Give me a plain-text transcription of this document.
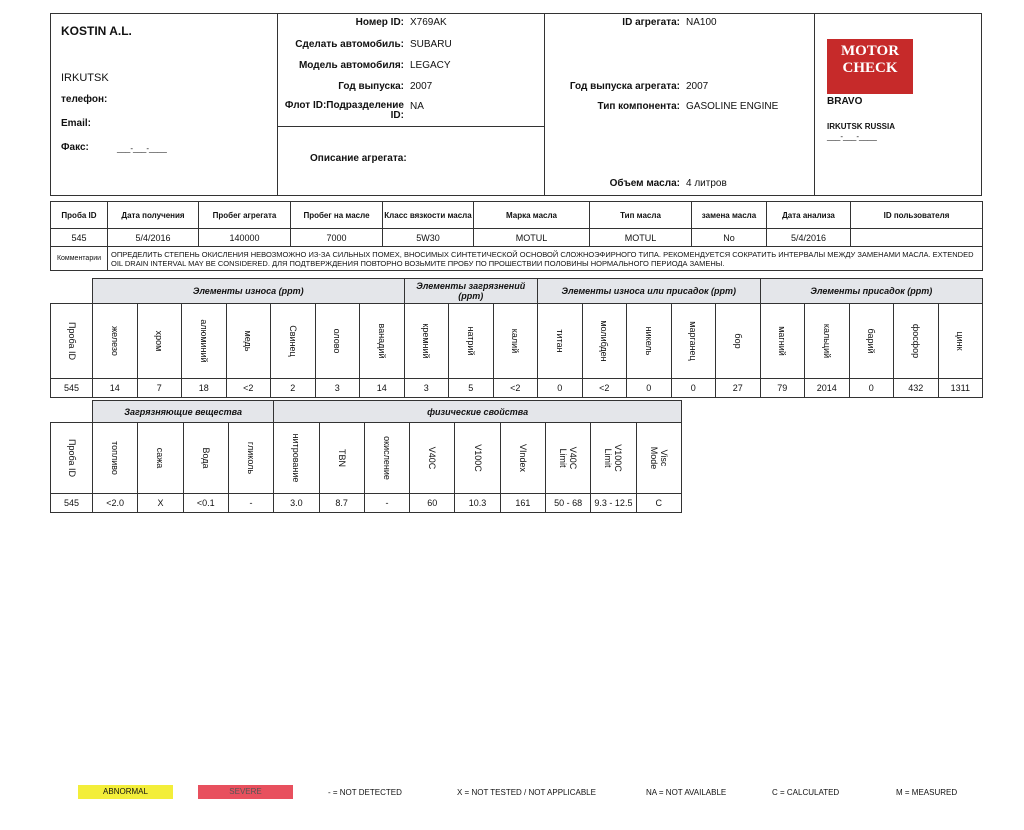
KOSTIN A.L.
IRKUTSK
телефон:
Email:
Факс:	___-___-____
Номер ID: X769AK
Сделать автомобиль: SUBARU
Модель автомобиля: LEGACY
Год выпуска: 2007
Флот ID:Подразделение ID:NA
Описание агрегата:
ID агрегата: NA100
Год выпуска агрегата: 2007
Тип компонента: GASOLINE ENGINE
Объем масла: 4 литров
MOTOR
CHECK
BRAVO
IRKUTSK RUSSIA
___-___-____
Проба ID	Дата получения	Пробег агрегата	Пробег на масле	Класс вязкости масла	Марка масла	Тип масла	замена масла	Дата анализа	ID пользователя
545	5/4/2016	140000	7000	5W30	MOTUL	MOTUL	No	5/4/2016	
Комментарии	ОПРЕДЕЛИТЬ СТЕПЕНЬ ОКИСЛЕНИЯ НЕВОЗМОЖНО ИЗ-ЗА СИЛЬНЫХ ПОМЕХ, ВНОСИМЫХ СИНТЕТИЧЕСКОЙ ОСНОВОЙ СЛОЖНОЭФИРНОГО ТИПА. РЕКОМЕНДУЕТСЯ СОКРАТИТЬ ИНТЕРВАЛЫ МЕЖДУ ЗАМЕНАМИ МАСЛА. EXTENDED OIL DRAIN INTERVAL MAY BE CONSIDERED. ДЛЯ ПОДТВЕРЖДЕНИЯ ПОВТОРНО ВОЗЬМИТЕ ПРОБУ ПО ПРОШЕСТВИИ ПОЛОВИНЫ НОРМАЛЬНОГО ПЕРИОДА ЗАМЕНЫ.								
	Элементы износа (ppm)							Элементы загрязнений (ppm)			Элементы износа или присадок (ppm)					Элементы присадок (ppm)				

Проба ID	железо	хром	алюминий	медь	Свинец	олово	ванадий	кремний	натрий	калий	титан	молибден	никель	марганец	бор	магний	кальций	барий	фосфор	цинк

545	14	7	18	<2	2	3	14	3	5	<2	0	<2	0	0	27	79	2014	0	432	1311
	Загрязняющие вещества				физические свойства								

Проба ID	топливо	сажа	Вода	гликоль	нитрование	TBN	окисление	V40C	V100C	VIndex	V40C Limit	V100C Limit	Visc Mode

545	<2.0	X	<0.1	-	3.0	8.7	-	60	10.3	161	50 - 68	9.3 - 12.5	C
ABNORMAL	SEVERE	- = NOT DETECTED	X = NOT TESTED / NOT APPLICABLE	NA = NOT AVAILABLE	C = CALCULATED	M = MEASURED
